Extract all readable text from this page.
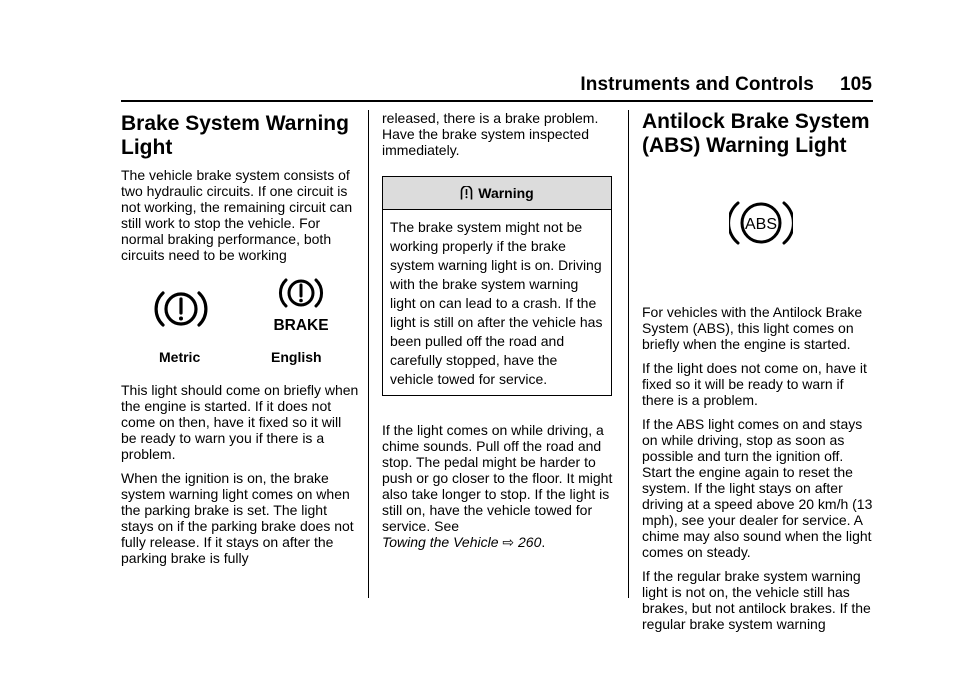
Instruments and Controls 105
Brake System Warning Light

The vehicle brake system consists of two hydraulic circuits. If one circuit is not working, the remaining circuit can still work to stop the vehicle. For normal braking performance, both circuits need to be working

BRAKE
Metric	English

This light should come on briefly when the engine is started. If it does not come on then, have it fixed so it will be ready to warn you if there is a problem.

When the ignition is on, the brake system warning light comes on when the parking brake is set. The light stays on if the parking brake does not fully release. If it stays on after the parking brake is fully

released, there is a brake problem. Have the brake system inspected immediately.

Warning
The brake system might not be working properly if the brake system warning light is on. Driving with the brake system warning light on can lead to a crash. If the light is still on after the vehicle has been pulled off the road and carefully stopped, have the vehicle towed for service.

If the light comes on while driving, a chime sounds. Pull off the road and stop. The pedal might be harder to push or go closer to the floor. It might also take longer to stop. If the light is still on, have the vehicle towed for service. See
Towing the Vehicle ⇨ 260.

Antilock Brake System (ABS) Warning Light
ABS

For vehicles with the Antilock Brake System (ABS), this light comes on briefly when the engine is started.

If the light does not come on, have it fixed so it will be ready to warn if there is a problem.

If the ABS light comes on and stays on while driving, stop as soon as possible and turn the ignition off. Start the engine again to reset the system. If the light stays on after driving at a speed above 20 km/h (13 mph), see your dealer for service. A chime may also sound when the light comes on steady.

If the regular brake system warning light is not on, the vehicle still has brakes, but not antilock brakes. If the regular brake system warning
